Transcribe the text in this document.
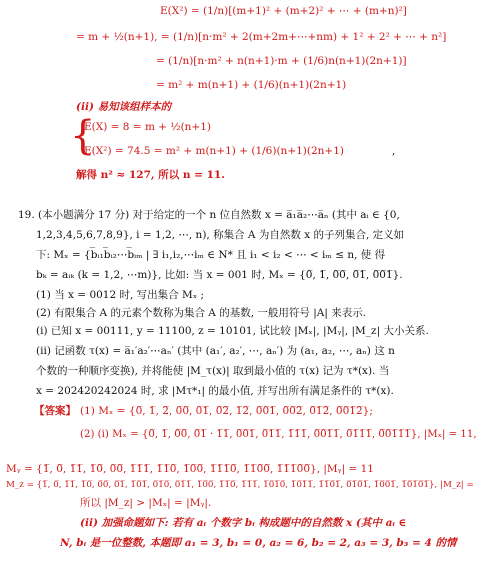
E(X²) = (1/n)[(m+1)² + (m+2)² + ⋯ + (m+n)²]
= m + ½(n+1), = (1/n)[n·m² + 2(m+2m+⋯+nm) + 1² + 2² + ⋯ + n²]
= (1/n)[n·m² + n(n+1)·m + (1/6)n(n+1)(2n+1)]
= m² + m(n+1) + (1/6)(n+1)(2n+1)
(ii) 易知该组样本的
{
E(X) = 8 = m + ½(n+1)
E(X²) = 74.5 = m² + m(n+1) + (1/6)(n+1)(2n+1)	,
解得 n² ≈ 127, 所以 n = 11.
19. (本小题满分 17 分) 对于给定的一个 n 位自然数 x = a̅₁a̅₂⋯a̅ₙ (其中 aᵢ ∈ {0,
1,2,3,4,5,6,7,8,9}, i = 1,2, ⋯, n), 称集合 A 为自然数 x 的子列集合, 定义如
下: Mₓ = {b̅ᵢ₁b̅ᵢ₂⋯b̅ᵢₘ | ∃ i₁,i₂,⋯iₘ ∈ N* 且 i₁ < i₂ < ⋯ < iₘ ≤ n, 使 得
bₖ = aᵢₖ (k = 1,2, ⋯m)}, 比如: 当 x = 001 时, Mₓ = {0̅, 1̅, 0̅0̅, 0̅1̅, 0̅0̅1̅}.
(1) 当 x = 0012 时, 写出集合 Mₓ ;
(2) 有限集合 A 的元素个数称为集合 A 的基数, 一般用符号 |A| 来表示.
(i) 已知 x = 00111, y = 11100, z = 10101, 试比较 |Mₓ|, |Mᵧ|, |M_z| 大小关系.
(ii) 记函数 τ(x) = a̅₁′a₂′⋯aₙ′ (其中 (a₁′, a₂′, ⋯, aₙ′) 为 (a₁, a₂, ⋯, aₙ) 这 n
个数的一种顺序变换), 并将能使 |M_τ(x)| 取到最小值的 τ(x) 记为 τ*(x). 当
x = 202420242024 时, 求 |Mτ*₁| 的最小值, 并写出所有满足条件的 τ*(x).
【答案】 (1) Mₓ = {0̅, 1̅, 2̅, 0̅0̅, 0̅1̅, 0̅2̅, 1̅2̅, 0̅0̅1̅, 0̅0̅2̅, 0̅1̅2̅, 0̅0̅1̅2̅};
(2) (i) Mₓ = {0̅, 1̅, 0̅0̅, 0̅1̅ · 1̅1̅, 0̅0̅1̅, 0̅1̅1̅, 1̅1̅1̅, 0̅0̅1̅1̅, 0̅1̅1̅1̅, 0̅0̅1̅1̅1̅}, |Mₓ| = 11,
Mᵧ = {1̅, 0̅, 1̅1̅, 1̅0̅, 0̅0̅, 1̅1̅1̅, 1̅1̅0̅, 1̅0̅0̅, 1̅1̅1̅0̅, 1̅1̅0̅0̅, 1̅1̅1̅0̅0̅}, |Mᵧ| = 11
M_z = {1̅, 0̅, 1̅1̅, 1̅0̅, 0̅0̅, 0̅1̅, 1̅0̅1̅, 0̅1̅0̅, 0̅1̅1̅, 1̅0̅0̅, 1̅1̅0̅, 1̅1̅1̅, 1̅0̅1̅0̅, 1̅0̅1̅1̅, 1̅1̅0̅1̅, 0̅1̅0̅1̅, 1̅0̅0̅1̅, 1̅0̅1̅0̅1̅}, |M_z| =
所以 |M_z| > |Mₓ| = |Mᵧ|.
(ii) 加强命题如下: 若有 aᵢ 个数字 bᵢ 构成题中的自然数 x (其中 aᵢ ∈
N, bᵢ 是一位整数, 本题即 a₁ = 3, b₁ = 0, a₂ = 6, b₂ = 2, a₃ = 3, b₃ = 4 的情
